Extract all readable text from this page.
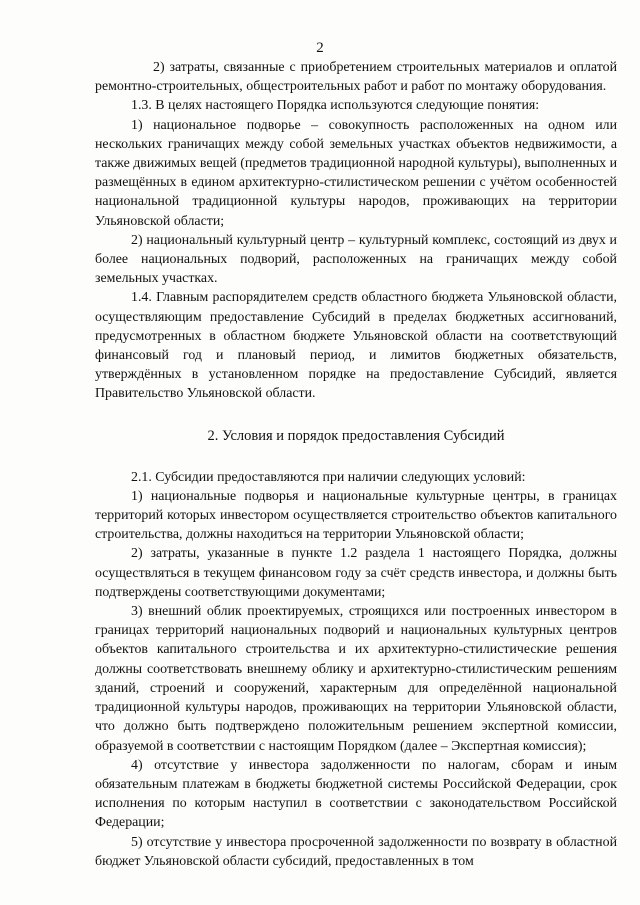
2

2) затраты, связанные с приобретением строительных материалов и оплатой ремонтно-строительных, общестроительных работ и работ по монтажу оборудования.

1.3. В целях настоящего Порядка используются следующие понятия:

1) национальное подворье – совокупность расположенных на одном или нескольких граничащих между собой земельных участках объектов недвижимости, а также движимых вещей (предметов традиционной народной культуры), выполненных и размещённых в едином архитектурно-стилистическом решении с учётом особенностей национальной традиционной культуры народов, проживающих на территории Ульяновской области;

2) национальный культурный центр – культурный комплекс, состоящий из двух и более национальных подворий, расположенных на граничащих между собой земельных участках.

1.4. Главным распорядителем средств областного бюджета Ульяновской области, осуществляющим предоставление Субсидий в пределах бюджетных ассигнований, предусмотренных в областном бюджете Ульяновской области на соответствующий финансовый год и плановый период, и лимитов бюджетных обязательств, утверждённых в установленном порядке на предоставление Субсидий, является Правительство Ульяновской области.

2. Условия и порядок предоставления Субсидий

2.1. Субсидии предоставляются при наличии следующих условий:

1) национальные подворья и национальные культурные центры, в границах территорий которых инвестором осуществляется строительство объектов капитального строительства, должны находиться на территории Ульяновской области;

2) затраты, указанные в пункте 1.2 раздела 1 настоящего Порядка, должны осуществляться в текущем финансовом году за счёт средств инвестора, и должны быть подтверждены соответствующими документами;

3) внешний облик проектируемых, строящихся или построенных инвестором в границах территорий национальных подворий и национальных культурных центров объектов капитального строительства и их архитектурно-стилистические решения должны соответствовать внешнему облику и архитектурно-стилистическим решениям зданий, строений и сооружений, характерным для определённой национальной традиционной культуры народов, проживающих на территории Ульяновской области, что должно быть подтверждено положительным решением экспертной комиссии, образуемой в соответствии с настоящим Порядком (далее – Экспертная комиссия);

4) отсутствие у инвестора задолженности по налогам, сборам и иным обязательным платежам в бюджеты бюджетной системы Российской Федерации, срок исполнения по которым наступил в соответствии с законодательством Российской Федерации;

5) отсутствие у инвестора просроченной задолженности по возврату в областной бюджет Ульяновской области субсидий, предоставленных в том
